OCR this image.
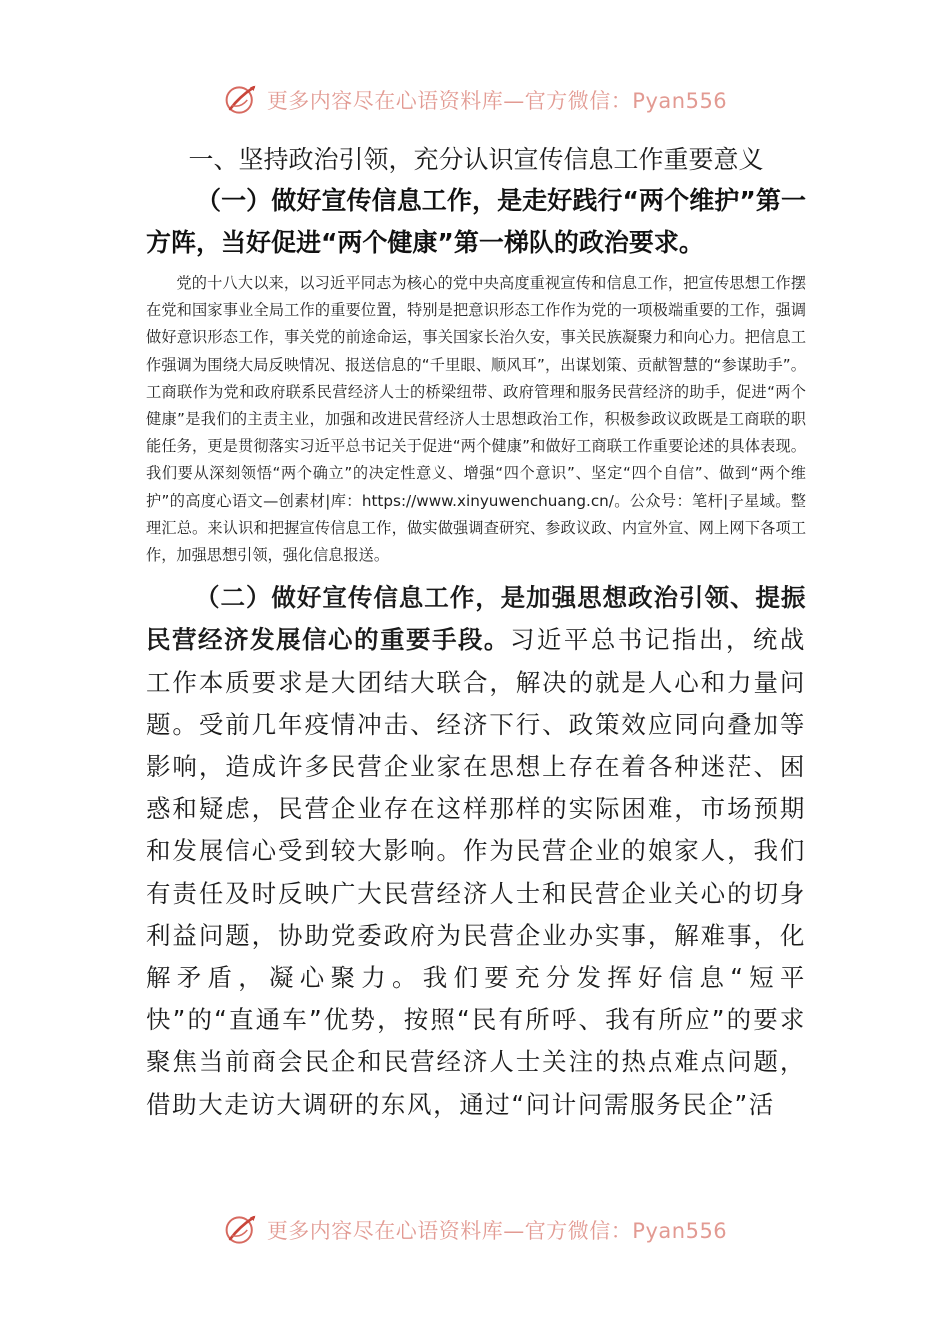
更多内容尽在心语资料库—官方微信：Pyan556
一、坚持政治引领，充分认识宣传信息工作重要意义

（一）做好宣传信息工作，是走好践行“两个维护”第一方阵，当好促进“两个健康”第一梯队的政治要求。

党的十八大以来，以习近平同志为核心的党中央高度重视宣传和信息工作，把宣传思想工作摆在党和国家事业全局工作的重要位置，特别是把意识形态工作作为党的一项极端重要的工作，强调做好意识形态工作，事关党的前途命运，事关国家长治久安，事关民族凝聚力和向心力。把信息工作强调为围绕大局反映情况、报送信息的“千里眼、顺风耳”，出谋划策、贡献智慧的“参谋助手”。工商联作为党和政府联系民营经济人士的桥梁纽带、政府管理和服务民营经济的助手，促进“两个健康”是我们的主责主业，加强和改进民营经济人士思想政治工作，积极参政议政既是工商联的职能任务，更是贯彻落实习近平总书记关于促进“两个健康”和做好工商联工作重要论述的具体表现。我们要从深刻领悟“两个确立”的决定性意义、增强“四个意识”、坚定“四个自信”、做到“两个维护”的高度心语文—创素材|库：https://www.xinyuwenchuang.cn/。公众号：笔杆|子星域。整理汇总。来认识和把握宣传信息工作，做实做强调查研究、参政议政、内宣外宣、网上网下各项工作，加强思想引领，强化信息报送。

（二）做好宣传信息工作，是加强思想政治引领、提振民营经济发展信心的重要手段。习近平总书记指出，统战工作本质要求是大团结大联合，解决的就是人心和力量问题。受前几年疫情冲击、经济下行、政策效应同向叠加等影响，造成许多民营企业家在思想上存在着各种迷茫、困惑和疑虑，民营企业存在这样那样的实际困难，市场预期和发展信心受到较大影响。作为民营企业的娘家人，我们有责任及时反映广大民营经济人士和民营企业关心的切身利益问题，协助党委政府为民营企业办实事，解难事，化解矛盾，凝心聚力。我们要充分发挥好信息“短平快”的“直通车”优势，按照“民有所呼、我有所应”的要求聚焦当前商会民企和民营经济人士关注的热点难点问题，借助大走访大调研的东风，通过“问计问需服务民企”活

更多内容尽在心语资料库—官方微信：Pyan556
